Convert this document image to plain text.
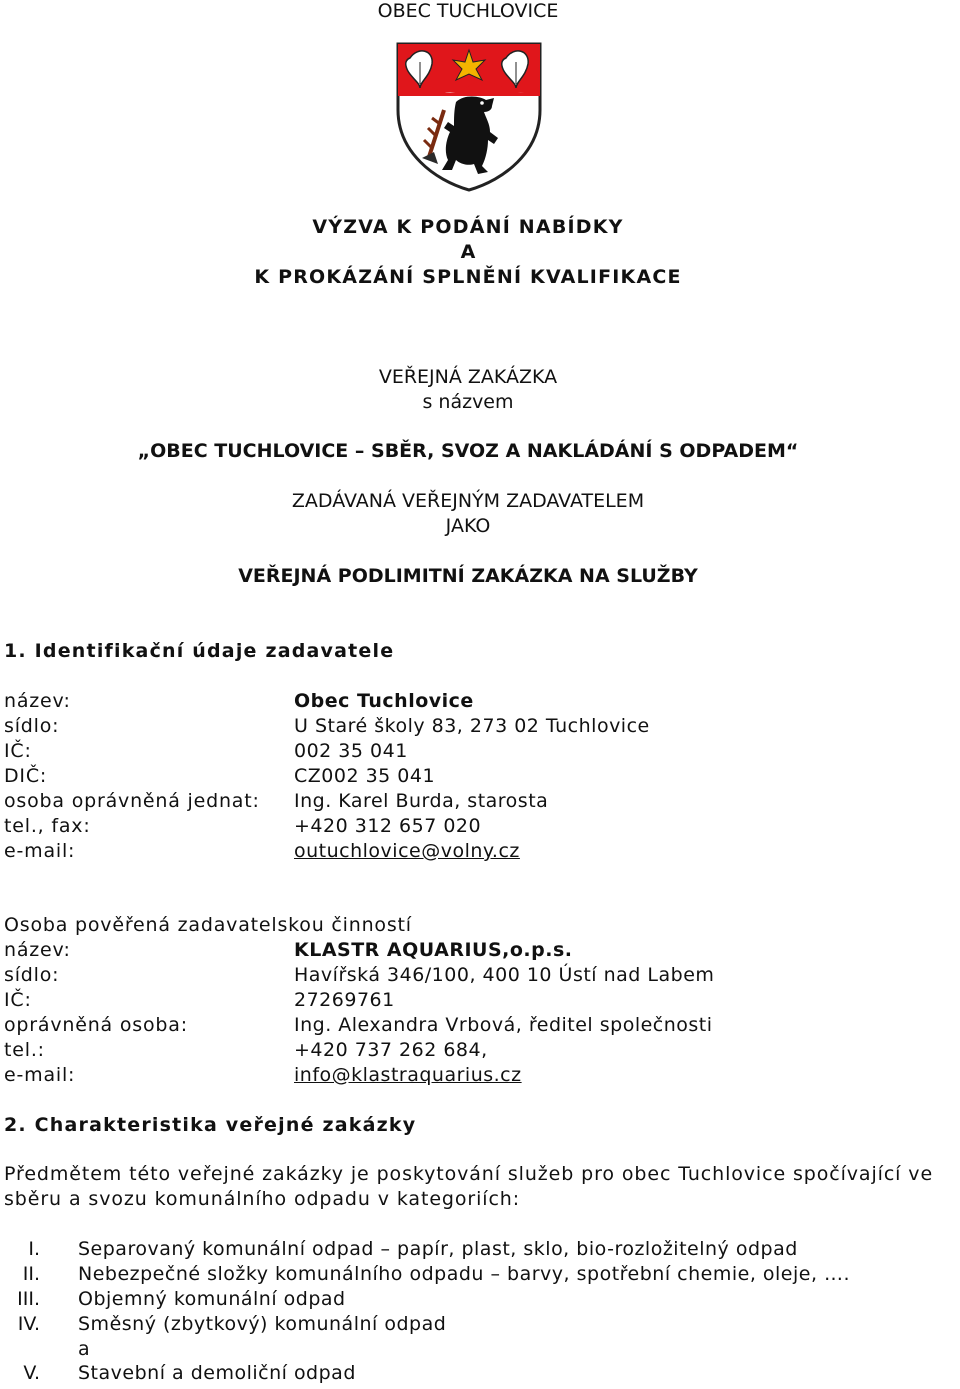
OBEC TUCHLOVICE
VÝZVA K PODÁNÍ NABÍDKY
A
K PROKÁZÁNÍ SPLNĚNÍ KVALIFIKACE
VEŘEJNÁ ZAKÁZKA
s názvem
„OBEC TUCHLOVICE – SBĚR, SVOZ A NAKLÁDÁNÍ S ODPADEM“
ZADÁVANÁ VEŘEJNÝM ZADAVATELEM
JAKO
VEŘEJNÁ PODLIMITNÍ ZAKÁZKA NA SLUŽBY
1. Identifikační údaje zadavatele
název:	Obec Tuchlovice
sídlo:	U Staré školy 83, 273 02 Tuchlovice
IČ:	002 35 041
DIČ:	CZ002 35 041
osoba oprávněná jednat: Ing. Karel Burda, starosta
tel., fax:	+420 312 657 020
e-mail:	outuchlovice@volny.cz
Osoba pověřená zadavatelskou činností
název:	KLASTR AQUARIUS,o.p.s.
sídlo:	Havířská 346/100, 400 10 Ústí nad Labem
IČ:	27269761
oprávněná osoba:	Ing. Alexandra Vrbová, ředitel společnosti
tel.:	+420 737 262 684,
e-mail:	info@klastraquarius.cz
2. Charakteristika veřejné zakázky
Předmětem této veřejné zakázky je poskytování služeb pro obec Tuchlovice spočívající ve
sběru a svozu komunálního odpadu v kategoriích:
I. Separovaný komunální odpad – papír, plast, sklo, bio-rozložitelný odpad
II. Nebezpečné složky komunálního odpadu – barvy, spotřební chemie, oleje, ….
III. Objemný komunální odpad
IV. Směsný (zbytkový) komunální odpad
a
V. Stavební a demoliční odpad
